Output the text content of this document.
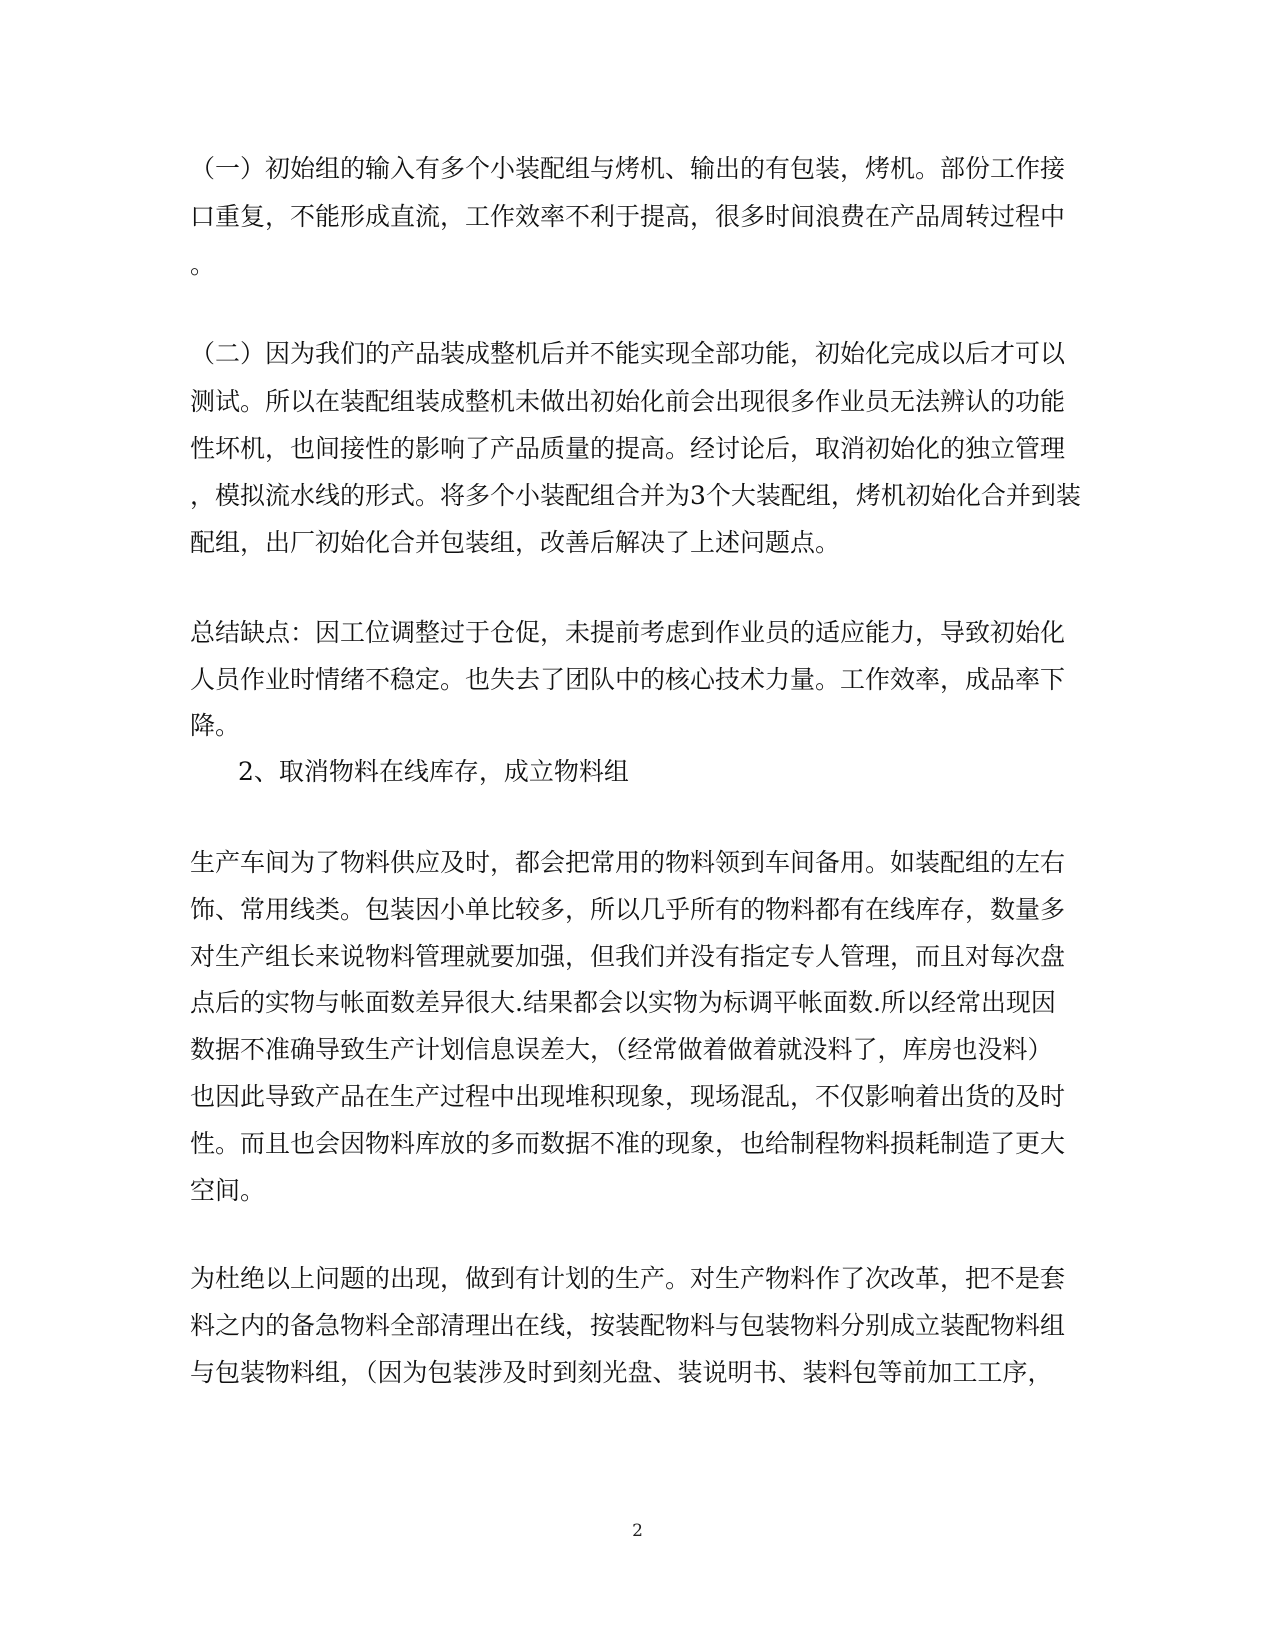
（一）初始组的输入有多个小装配组与烤机、输出的有包装，烤机。部份工作接
口重复，不能形成直流，工作效率不利于提高，很多时间浪费在产品周转过程中
。
（二）因为我们的产品装成整机后并不能实现全部功能，初始化完成以后才可以
测试。所以在装配组装成整机未做出初始化前会出现很多作业员无法辨认的功能
性坏机，也间接性的影响了产品质量的提高。经讨论后，取消初始化的独立管理
，模拟流水线的形式。将多个小装配组合并为3个大装配组，烤机初始化合并到装
配组，出厂初始化合并包装组，改善后解决了上述问题点。
总结缺点：因工位调整过于仓促，未提前考虑到作业员的适应能力，导致初始化
人员作业时情绪不稳定。也失去了团队中的核心技术力量。工作效率，成品率下
降。
2、取消物料在线库存，成立物料组
生产车间为了物料供应及时，都会把常用的物料领到车间备用。如装配组的左右
饰、常用线类。包装因小单比较多，所以几乎所有的物料都有在线库存，数量多
对生产组长来说物料管理就要加强，但我们并没有指定专人管理，而且对每次盘
点后的实物与帐面数差异很大.结果都会以实物为标调平帐面数.所以经常出现因
数据不准确导致生产计划信息误差大，（经常做着做着就没料了，库房也没料）
也因此导致产品在生产过程中出现堆积现象，现场混乱，不仅影响着出货的及时
性。而且也会因物料库放的多而数据不准的现象，也给制程物料损耗制造了更大
空间。
为杜绝以上问题的出现，做到有计划的生产。对生产物料作了次改革，把不是套
料之内的备急物料全部清理出在线，按装配物料与包装物料分别成立装配物料组
与包装物料组，（因为包装涉及时到刻光盘、装说明书、装料包等前加工工序，
2
